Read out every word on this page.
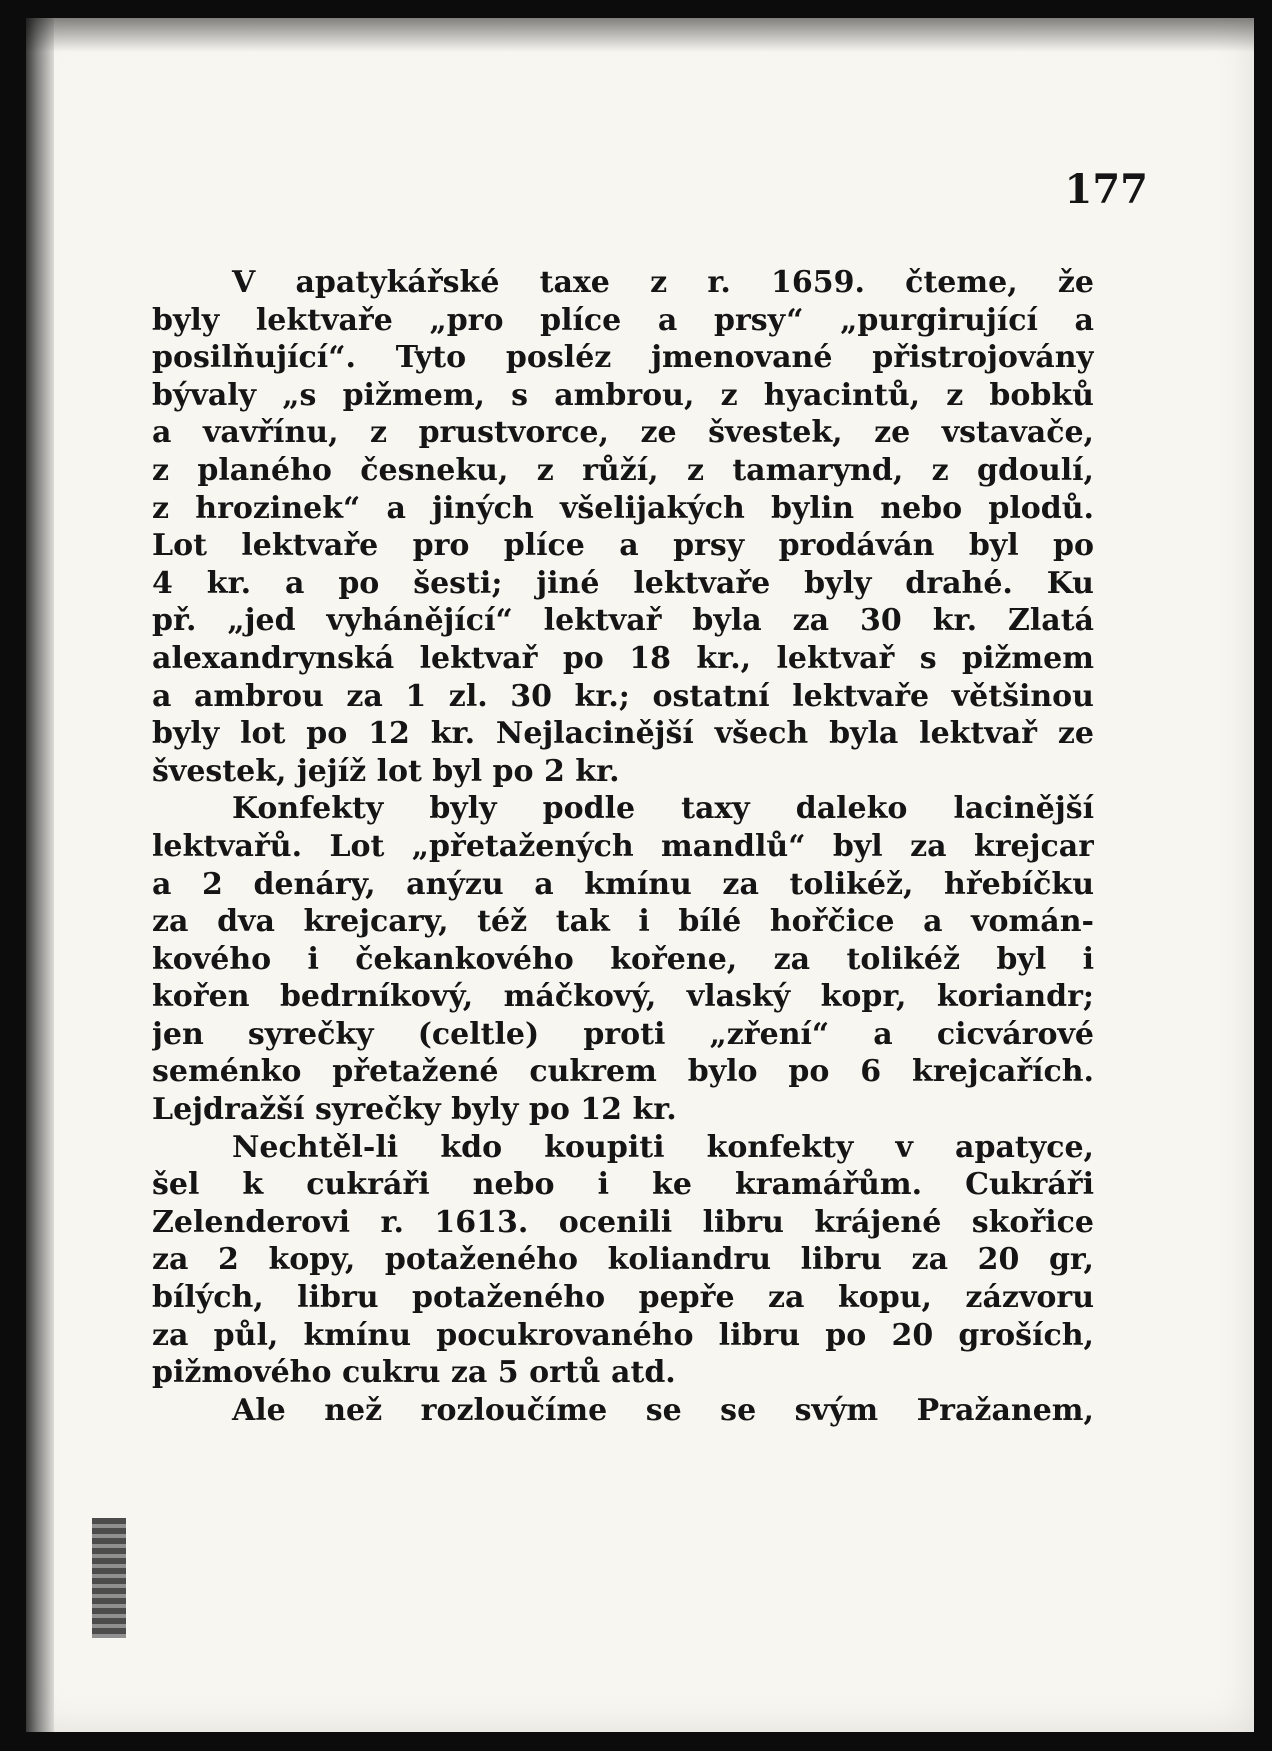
177
V apatykářské taxe z r. 1659. čteme, že
byly lektvaře „pro plíce a prsy“ „purgirující a
posilňující“. Tyto posléz jmenované přistrojovány
bývaly „s pižmem, s ambrou, z hyacintů, z bobků
a vavřínu, z prustvorce, ze švestek, ze vstavače,
z planého česneku, z růží, z tamarynd, z gdoulí,
z hrozinek“ a jiných všelijakých bylin nebo plodů.
Lot lektvaře pro plíce a prsy prodáván byl po
4 kr. a po šesti; jiné lektvaře byly drahé. Ku
př. „jed vyhánějící“ lektvař byla za 30 kr. Zlatá
alexandrynská lektvař po 18 kr., lektvař s pižmem
a ambrou za 1 zl. 30 kr.; ostatní lektvaře většinou
byly lot po 12 kr. Nejlacinější všech byla lektvař ze
švestek, jejíž lot byl po 2 kr.
Konfekty byly podle taxy daleko lacinější
lektvařů. Lot „přetažených mandlů“ byl za krejcar
a 2 denáry, anýzu a kmínu za tolikéž, hřebíčku
za dva krejcary, též tak i bílé hořčice a vomán-
kového i čekankového kořene, za tolikéž byl i
kořen bedrníkový, máčkový, vlaský kopr, koriandr;
jen syrečky (celtle) proti „zření“ a cicvárové
seménko přetažené cukrem bylo po 6 krejcařích.
Lejdražší syrečky byly po 12 kr.
Nechtěl-li kdo koupiti konfekty v apatyce,
šel k cukráři nebo i ke kramářům. Cukráři
Zelenderovi r. 1613. ocenili libru krájené skořice
za 2 kopy, potaženého koliandru libru za 20 gr,
bílých, libru potaženého pepře za kopu, zázvoru
za půl, kmínu pocukrovaného libru po 20 groších,
pižmového cukru za 5 ortů atd.
Ale než rozloučíme se se svým Pražanem,
